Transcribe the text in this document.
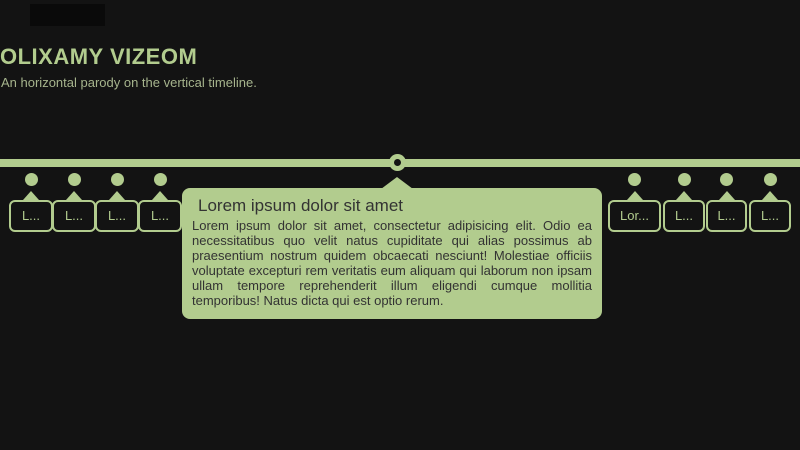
OLIXAMY VIZEOM

An horizontal parody on the vertical timeline.

L...	L...	L...	L...	Lor...	L...	L...	L...
Lorem ipsum dolor sit amet

Lorem ipsum dolor sit amet, consectetur adipisicing elit. Odio ea necessitatibus quo velit natus cupiditate qui alias possimus ab praesentium nostrum quidem obcaecati nesciunt! Molestiae officiis voluptate excepturi rem veritatis eum aliquam qui laborum non ipsam ullam tempore reprehenderit illum eligendi cumque mollitia temporibus! Natus dicta qui est optio rerum.
